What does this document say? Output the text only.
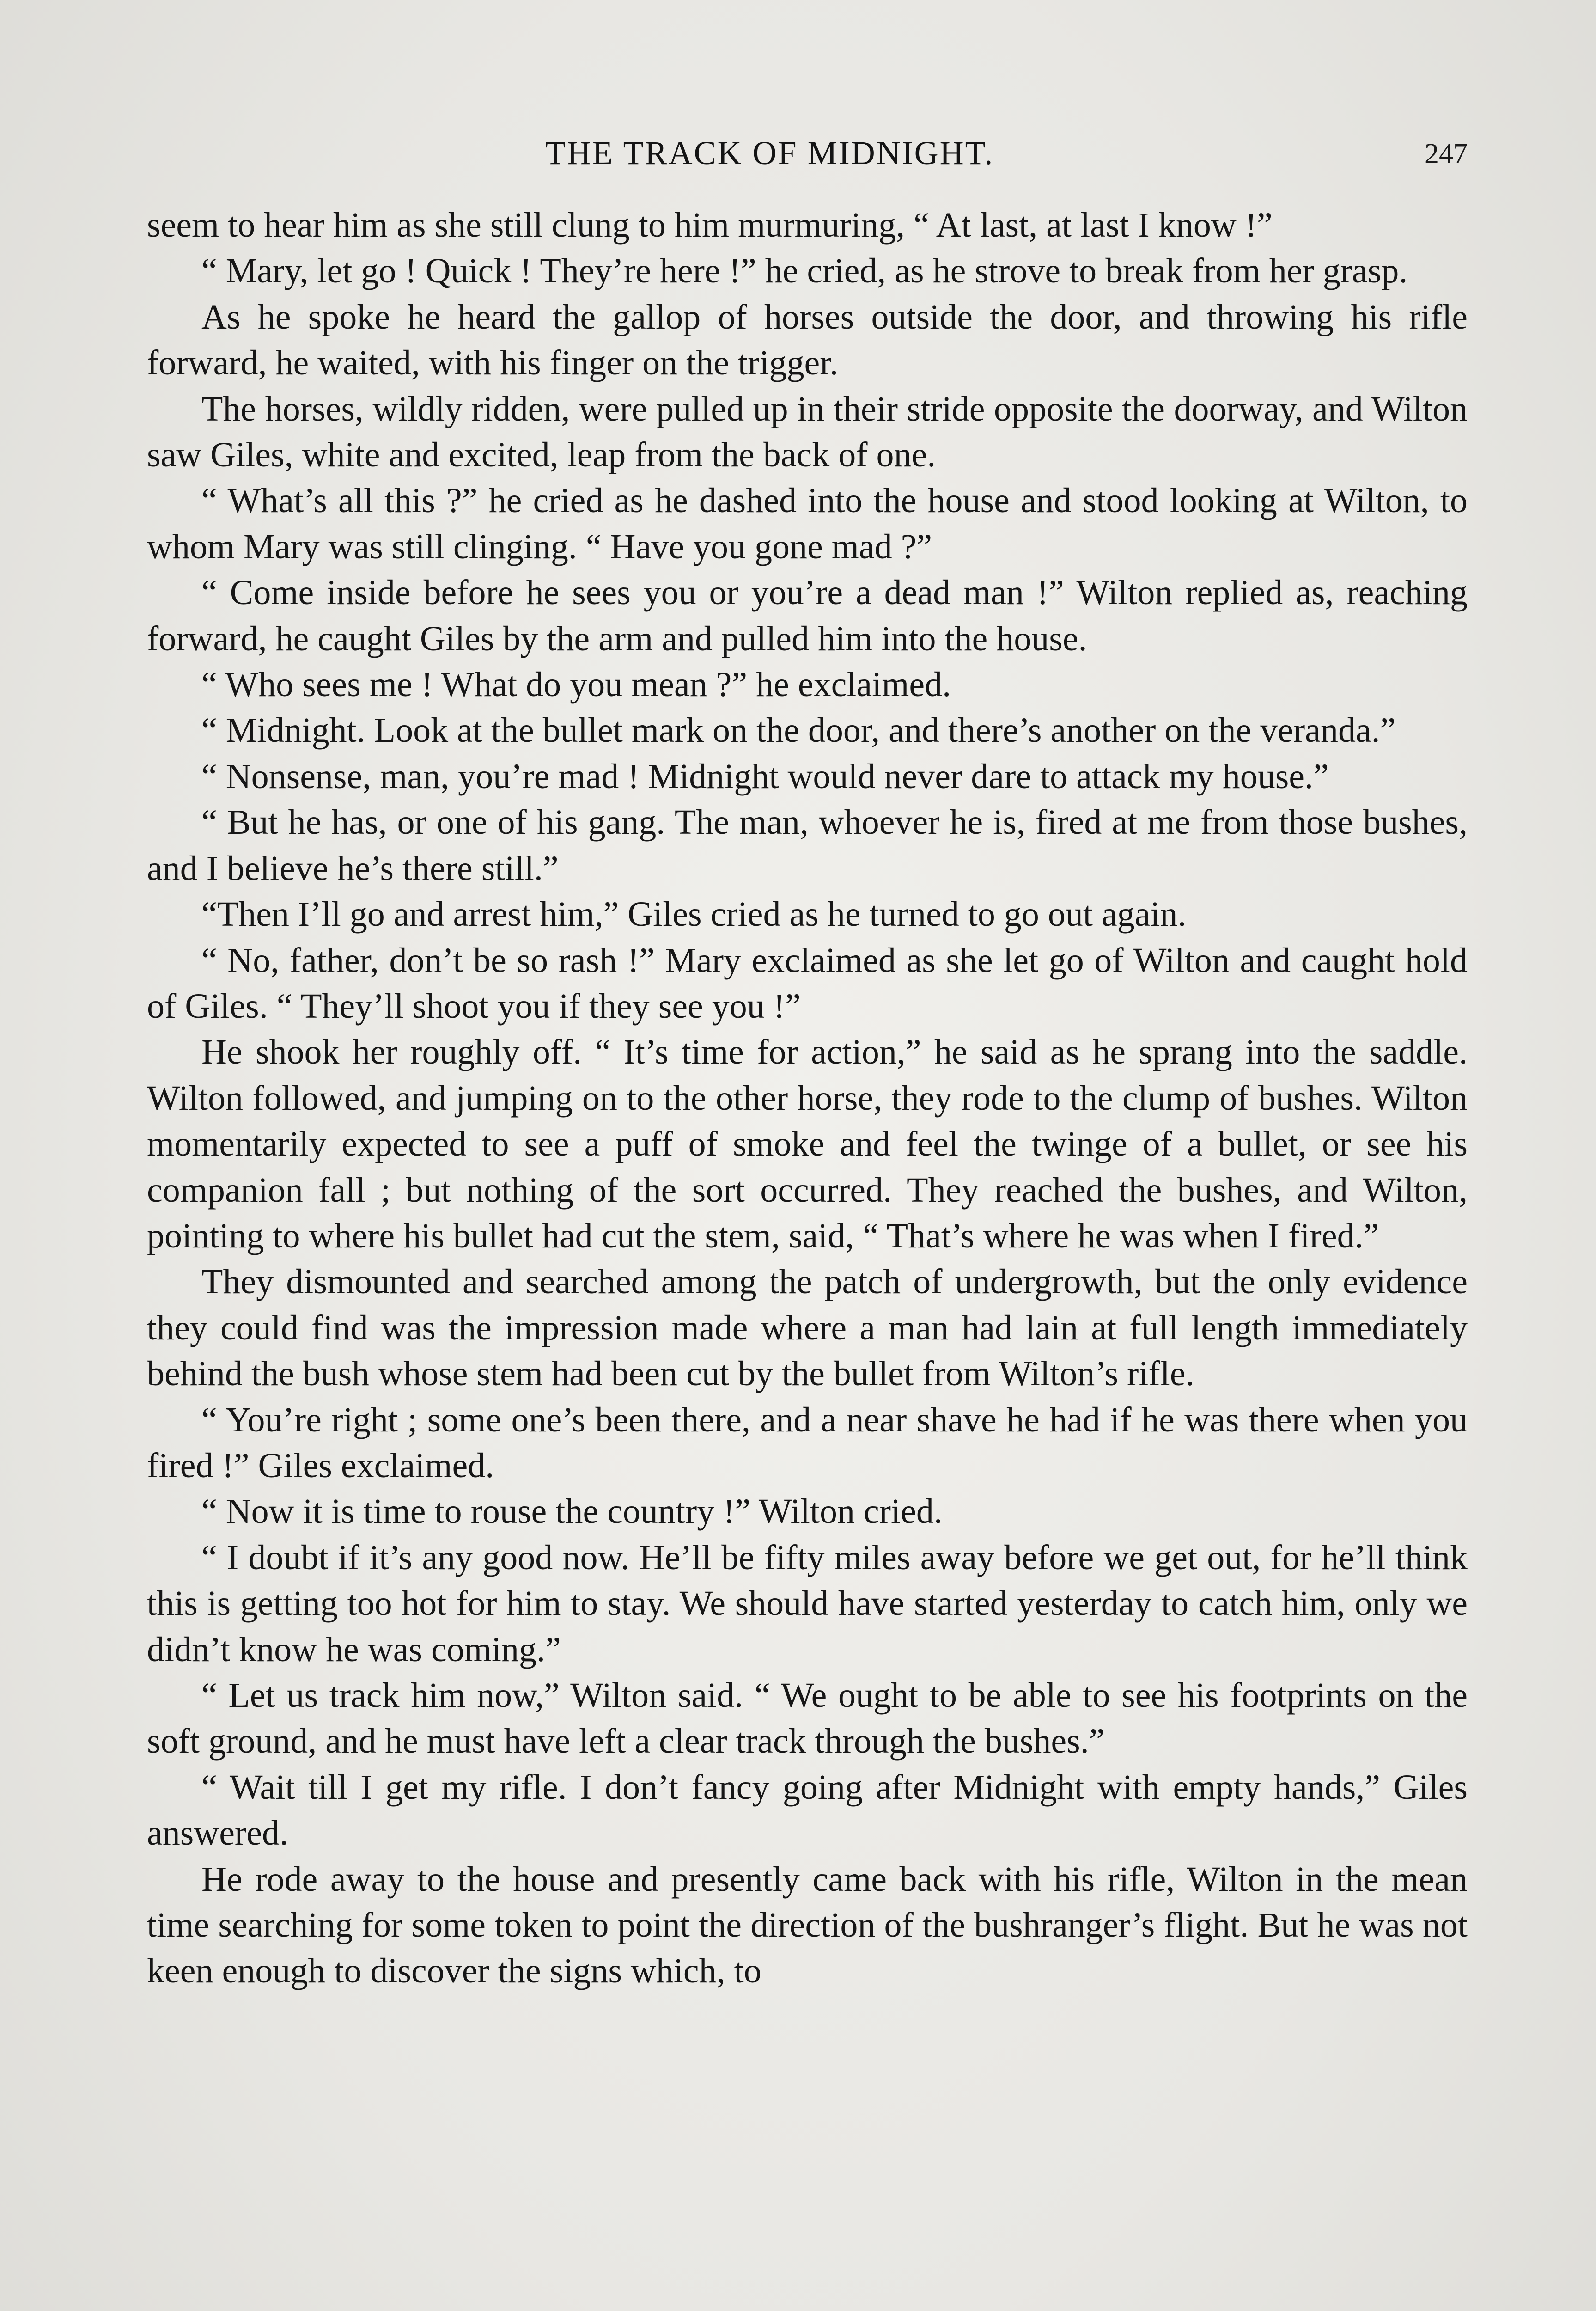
THE TRACK OF MIDNIGHT.	247

seem to hear him as she still clung to him murmuring, “ At last, at last I know !”

“ Mary, let go ! Quick ! They’re here !” he cried, as he strove to break from her grasp.

As he spoke he heard the gallop of horses outside the door, and throwing his rifle forward, he waited, with his finger on the trigger.

The horses, wildly ridden, were pulled up in their stride opposite the doorway, and Wilton saw Giles, white and excited, leap from the back of one.

“ What’s all this ?” he cried as he dashed into the house and stood looking at Wilton, to whom Mary was still clinging. “ Have you gone mad ?”

“ Come inside before he sees you or you’re a dead man !” Wilton replied as, reaching forward, he caught Giles by the arm and pulled him into the house.

“ Who sees me ! What do you mean ?” he exclaimed.

“ Midnight. Look at the bullet mark on the door, and there’s another on the veranda.”

“ Nonsense, man, you’re mad ! Midnight would never dare to attack my house.”

“ But he has, or one of his gang. The man, whoever he is, fired at me from those bushes, and I believe he’s there still.”

“Then I’ll go and arrest him,” Giles cried as he turned to go out again.

“ No, father, don’t be so rash !” Mary exclaimed as she let go of Wilton and caught hold of Giles. “ They’ll shoot you if they see you !”

He shook her roughly off. “ It’s time for action,” he said as he sprang into the saddle. Wilton followed, and jumping on to the other horse, they rode to the clump of bushes. Wilton momentarily expected to see a puff of smoke and feel the twinge of a bullet, or see his companion fall ; but nothing of the sort occurred. They reached the bushes, and Wilton, pointing to where his bullet had cut the stem, said, “ That’s where he was when I fired.”

They dismounted and searched among the patch of undergrowth, but the only evidence they could find was the impression made where a man had lain at full length immediately behind the bush whose stem had been cut by the bullet from Wilton’s rifle.

“ You’re right ; some one’s been there, and a near shave he had if he was there when you fired !” Giles exclaimed.

“ Now it is time to rouse the country !” Wilton cried.

“ I doubt if it’s any good now. He’ll be fifty miles away before we get out, for he’ll think this is getting too hot for him to stay. We should have started yesterday to catch him, only we didn’t know he was coming.”

“ Let us track him now,” Wilton said. “ We ought to be able to see his footprints on the soft ground, and he must have left a clear track through the bushes.”

“ Wait till I get my rifle. I don’t fancy going after Midnight with empty hands,” Giles answered.

He rode away to the house and presently came back with his rifle, Wilton in the mean time searching for some token to point the direction of the bushranger’s flight. But he was not keen enough to discover the signs which, to
